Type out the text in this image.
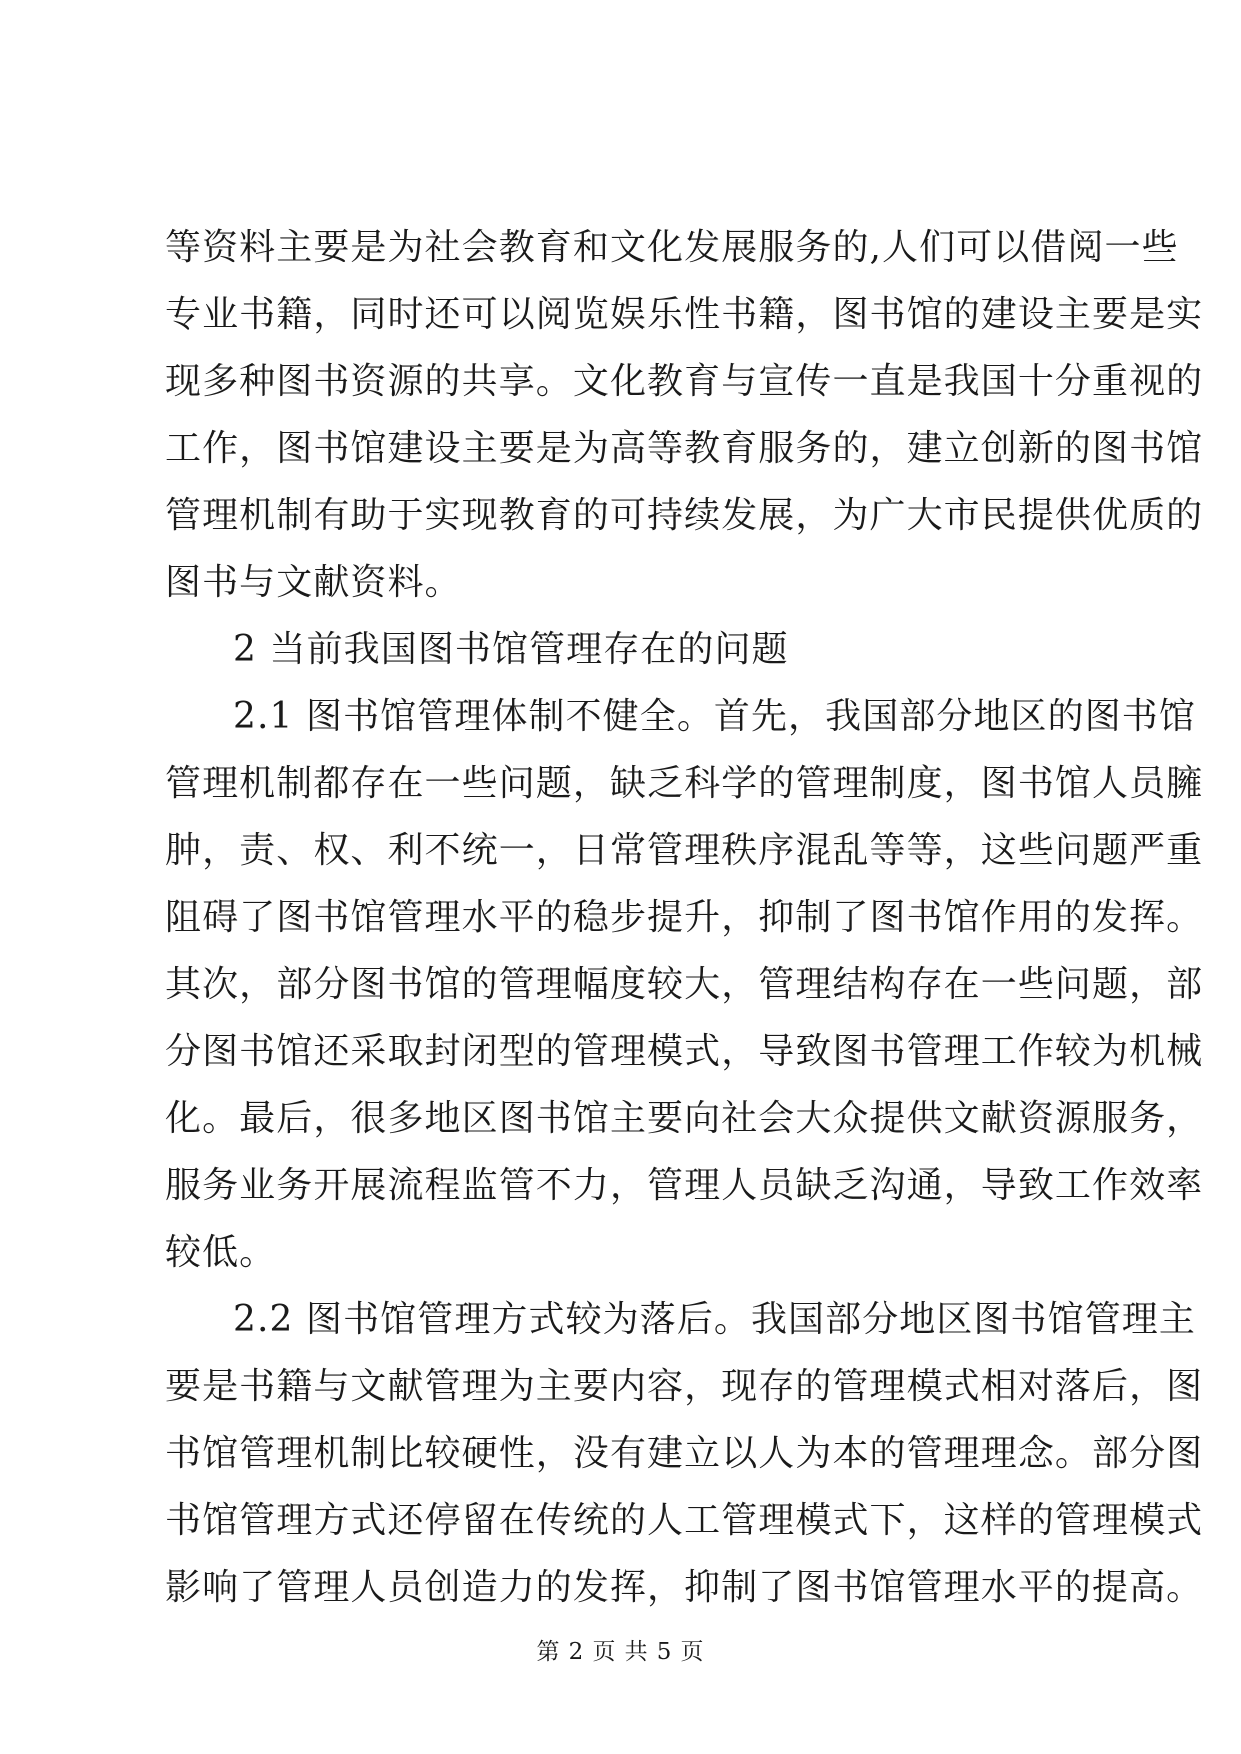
等资料主要是为社会教育和文化发展服务的,人们可以借阅一些
专业书籍，同时还可以阅览娱乐性书籍，图书馆的建设主要是实
现多种图书资源的共享。文化教育与宣传一直是我国十分重视的
工作，图书馆建设主要是为高等教育服务的，建立创新的图书馆
管理机制有助于实现教育的可持续发展，为广大市民提供优质的
图书与文献资料。
2 当前我国图书馆管理存在的问题
2.1 图书馆管理体制不健全。首先，我国部分地区的图书馆
管理机制都存在一些问题，缺乏科学的管理制度，图书馆人员臃
肿，责、权、利不统一，日常管理秩序混乱等等，这些问题严重
阻碍了图书馆管理水平的稳步提升，抑制了图书馆作用的发挥。
其次，部分图书馆的管理幅度较大，管理结构存在一些问题，部
分图书馆还采取封闭型的管理模式，导致图书管理工作较为机械
化。最后，很多地区图书馆主要向社会大众提供文献资源服务，
服务业务开展流程监管不力，管理人员缺乏沟通，导致工作效率
较低。
2.2 图书馆管理方式较为落后。我国部分地区图书馆管理主
要是书籍与文献管理为主要内容，现存的管理模式相对落后，图
书馆管理机制比较硬性，没有建立以人为本的管理理念。部分图
书馆管理方式还停留在传统的人工管理模式下，这样的管理模式
影响了管理人员创造力的发挥，抑制了图书馆管理水平的提高。
第 2 页 共 5 页
